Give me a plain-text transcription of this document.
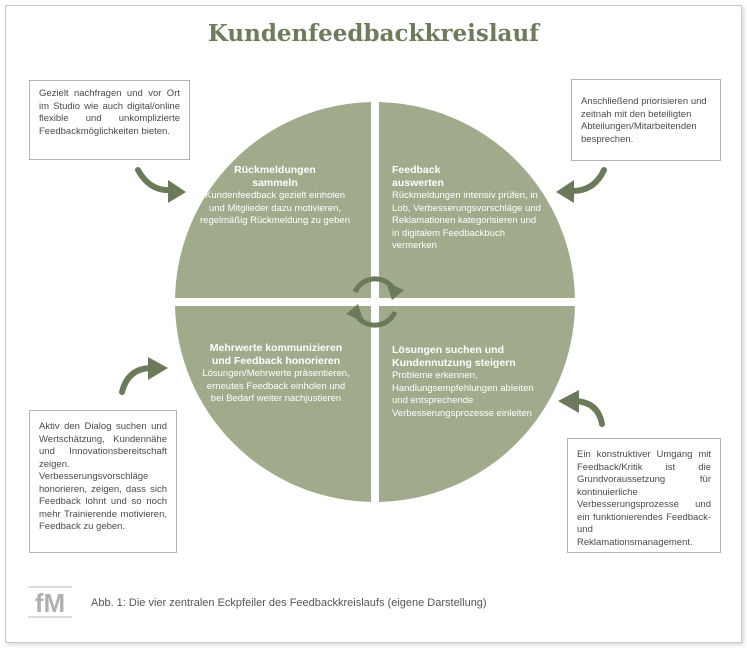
Kundenfeedbackkreislauf
Rückmeldungen
sammeln
Kundenfeedback gezielt einholen und Mitglieder dazu motivieren, regelmäßig Rückmeldung zu geben
Feedback
auswerten
Rückmeldungen intensiv prüfen, in Lob, Verbesserungsvorschläge und Reklamationen kategorisieren und in digitalem Feedbackbuch vermerken
Mehrwerte kommunizieren
und Feedback honorieren
Lösungen/Mehrwerte präsentieren, erneutes Feedback einholen und bei Bedarf weiter nachjustieren
Lösungen suchen und
Kundennutzung steigern
Probleme erkennen, Handlungsempfehlungen ableiten und entsprechende Verbesserungsprozesse einleiten
Gezielt nachfragen und vor Ort im Studio wie auch digital/online flexible und unkomplizierte Feedbackmöglichkeiten bieten.
Anschließend priorisieren und zeitnah mit den beteiligten Abteilungen/Mitarbeitenden besprechen.
Aktiv den Dialog suchen und Wertschätzung, Kundennähe und Innovationsbereitschaft zeigen. Verbesserungsvorschläge honorieren, zeigen, dass sich Feedback lohnt und so noch mehr Trainierende motivieren, Feedback zu geben.
Ein konstruktiver Umgang mit Feedback/Kritik ist die Grundvoraussetzung für kontinuierliche Verbesserungsprozesse und ein funktionierendes Feedback- und Reklamationsmanagement.
fM Abb. 1: Die vier zentralen Eckpfeiler des Feedbackkreislaufs (eigene Darstellung)
